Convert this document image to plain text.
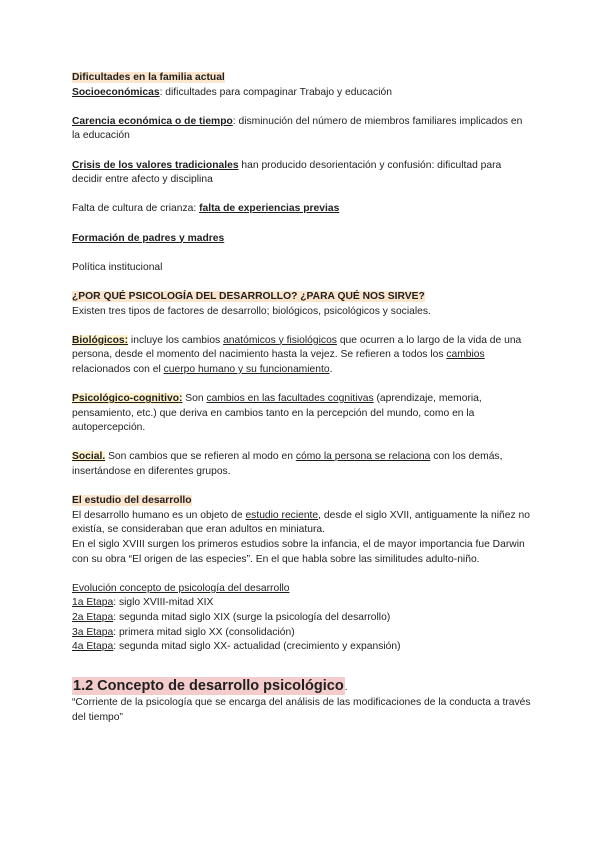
Dificultades en la familia actual

Socioeconómicas: dificultades para compaginar Trabajo y educación

Carencia económica o de tiempo: disminución del número de miembros familiares implicados en la educación

Crisis de los valores tradicionales han producido desorientación y confusión: dificultad para decidir entre afecto y disciplina

Falta de cultura de crianza: falta de experiencias previas

Formación de padres y madres

Política institucional

¿POR QUÉ PSICOLOGÍA DEL DESARROLLO? ¿PARA QUÉ NOS SIRVE?

Existen tres tipos de factores de desarrollo; biológicos, psicológicos y sociales.

Biológicos: incluye los cambios anatómicos y fisiológicos que ocurren a lo largo de la vida de una persona, desde el momento del nacimiento hasta la vejez. Se refieren a todos los cambios relacionados con el cuerpo humano y su funcionamiento.

Psicológico-cognitivo: Son cambios en las facultades cognitivas (aprendizaje, memoria, pensamiento, etc.) que deriva en cambios tanto en la percepción del mundo, como en la autopercepción.

Social. Son cambios que se refieren al modo en cómo la persona se relaciona con los demás, insertándose en diferentes grupos.

El estudio del desarrollo

El desarrollo humano es un objeto de estudio reciente, desde el siglo XVII, antiguamente la niñez no existía, se consideraban que eran adultos en miniatura.

En el siglo XVIII surgen los primeros estudios sobre la infancia, el de mayor importancia fue Darwin con su obra “El origen de las especies”. En el que habla sobre las similitudes adulto-niño.

Evolución concepto de psicología del desarrollo

1a Etapa: siglo XVIII-mitad XIX

2a Etapa: segunda mitad siglo XIX (surge la psicología del desarrollo)

3a Etapa: primera mitad siglo XX (consolidación)

4a Etapa: segunda mitad siglo XX- actualidad (crecimiento y expansión)

1.2 Concepto de desarrollo psicológico.

“Corriente de la psicología que se encarga del análisis de las modificaciones de la conducta a través del tiempo”
